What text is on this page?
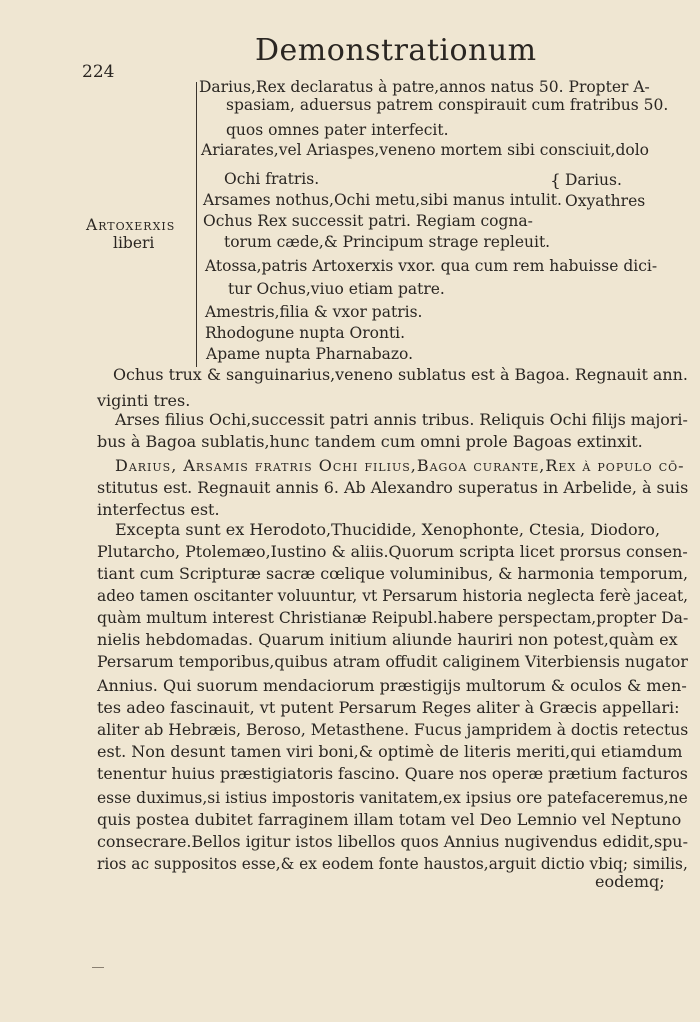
Demonstrationum
224
Artoxerxis
liberi
Darius,Rex declaratus à patre,annos natus 50. Propter A-
spasiam, aduersus patrem conspirauit cum fratribus 50.
quos omnes pater interfecit.
Ariarates,vel Ariaspes,veneno mortem sibi consciuit,dolo
Ochi fratris.
Arsames nothus,Ochi metu,sibi manus intulit.
{ Darius.
Oxyathres
Ochus Rex successit patri. Regiam cogna-
torum cæde,& Principum strage repleuit.
Atossa,patris Artoxerxis vxor. qua cum rem habuisse dici-
tur Ochus,viuo etiam patre.
Amestris,filia & vxor patris.
Rhodogune nupta Oronti.
Apame nupta Pharnabazo.
Ochus trux & sanguinarius,veneno sublatus est à Bagoa. Regnauit ann.
viginti tres.
Arses filius Ochi,successit patri annis tribus. Reliquis Ochi filijs majori-
bus à Bagoa sublatis,hunc tandem cum omni prole Bagoas extinxit.
Darius, Arsamis fratris Ochi filius,Bagoa curante,Rex à populo cō-
stitutus est. Regnauit annis 6. Ab Alexandro superatus in Arbelide, à suis
interfectus est.
Excepta sunt ex Herodoto,Thucidide, Xenophonte, Ctesia, Diodoro,
Plutarcho, Ptolemæo,Iustino & aliis.Quorum scripta licet prorsus consen-
tiant cum Scripturæ sacræ cœlique voluminibus, & harmonia temporum,
adeo tamen oscitanter voluuntur, vt Persarum historia neglecta ferè jaceat,
quàm multum interest Christianæ Reipubl.habere perspectam,propter Da-
nielis hebdomadas. Quarum initium aliunde hauriri non potest,quàm ex
Persarum temporibus,quibus atram offudit caliginem Viterbiensis nugator
Annius. Qui suorum mendaciorum præstigijs multorum & oculos & men-
tes adeo fascinauit, vt putent Persarum Reges aliter à Græcis appellari:
aliter ab Hebræis, Beroso, Metasthene. Fucus jampridem à doctis retectus
est. Non desunt tamen viri boni,& optimè de literis meriti,qui etiamdum
tenentur huius præstigiatoris fascino. Quare nos operæ prætium facturos
esse duximus,si istius impostoris vanitatem,ex ipsius ore patefaceremus,ne
quis postea dubitet farraginem illam totam vel Deo Lemnio vel Neptuno
consecrare.Bellos igitur istos libellos quos Annius nugivendus edidit,spu-
rios ac suppositos esse,& ex eodem fonte haustos,arguit dictio vbiq; similis,
eodemq;
